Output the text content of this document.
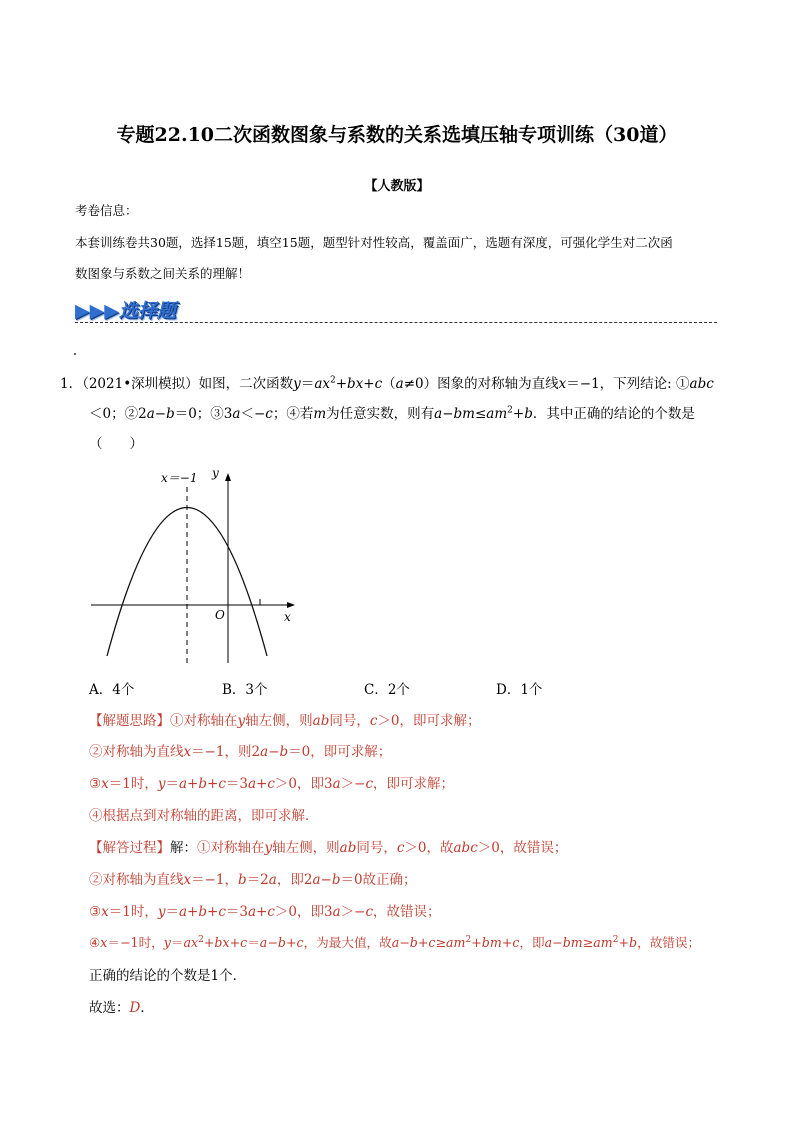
专题22.10二次函数图象与系数的关系选填压轴专项训练（30道）
【人教版】
考卷信息：
本套训练卷共30题，选择15题，填空15题，题型针对性较高，覆盖面广，选题有深度，可强化学生对二次函
数图象与系数之间关系的理解！
▶▶▶选择题
1．（2021•深圳模拟）如图，二次函数$y=ax^2+bx+c(a\ne 0)$图象的对称轴为直线x＝−1，下列结论: ①abc
＜0；②2a−b＝0；③3a＜−c；④若m为任意实数，则有$a-bm\le am^2+b$．其中正确的结论的个数是
（　　）
x＝−1 y
x
O
A．4个	B．3个	C．2个	D．1个
【解题思路】①对称轴在y轴左侧，则ab同号，c＞0，即可求解；
②对称轴为直线x＝−1，则2a−b＝0，即可求解；
③x＝1时，y＝a+b+c＝3a+c＞0，即3a＞−c，即可求解；
④根据点到对称轴的距离，即可求解．
【解答过程】解：①对称轴在y轴左侧，则ab同号，c＞0，故abc＞0，故错误；
②对称轴为直线x＝−1，b＝2a，即2a−b＝0故正确；
③x＝1时，y＝a+b+c＝3a+c＞0，即3a＞−c，故错误；
④x＝−1时，$y=ax^2+bx+c=a-b+c$，为最大值，故$a-b+c\ge am^2+bm+c$，即$a-bm\ge am^2+b$，故错误；
正确的结论的个数是1个．
故选：D．
